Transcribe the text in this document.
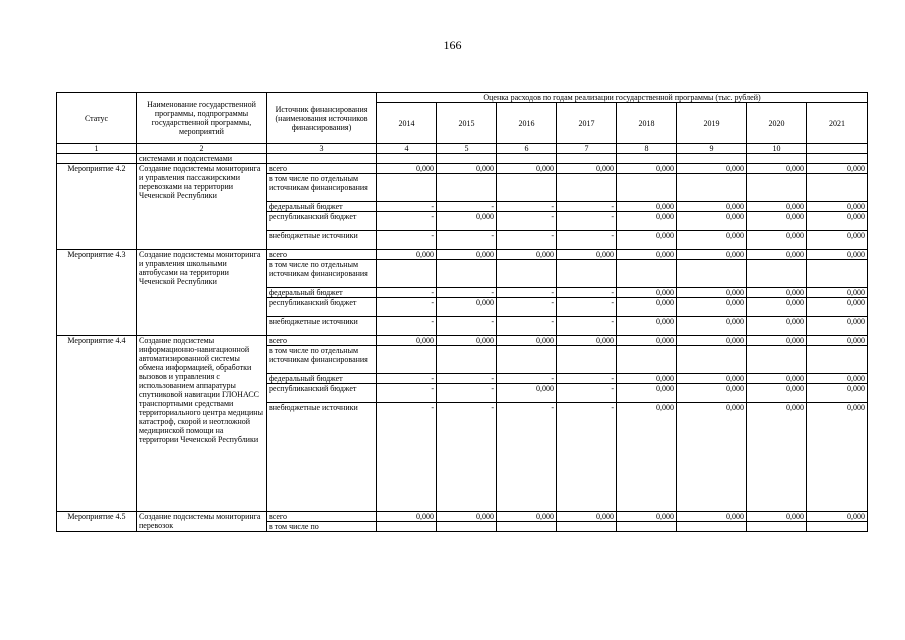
166
Статус	Наименование государственной программы, подпрограммы государственной программы, мероприятий	Источник финансирования (наименования источников финансирования)	Оценка расходов по годам реализации государственной программы (тыс. рублей)							
			2014	2015	2016	2017	2018	2019	2020	2021
1	2	3	4	5	6	7	8	9	10	
	системами и подсистемами									
Мероприятие 4.2	Создание подсистемы мониторинга и управления пассажирскими перевозками на территории Чеченской Республики	всего	0,000	0,000	0,000	0,000	0,000	0,000	0,000	0,000
		в том числе по отдельным источникам финансирования								
		федеральный бюджет	-	-	-	-	0,000	0,000	0,000	0,000
		республиканский бюджет	-	0,000	-	-	0,000	0,000	0,000	0,000
		внебюджетные источники	-	-	-	-	0,000	0,000	0,000	0,000
Мероприятие 4.3	Создание подсистемы мониторинга и управления школьными автобусами на территории Чеченской Республики	всего	0,000	0,000	0,000	0,000	0,000	0,000	0,000	0,000
		в том числе по отдельным источникам финансирования								
		федеральный бюджет	-	-	-	-	0,000	0,000	0,000	0,000
		республиканский бюджет	-	0,000	-	-	0,000	0,000	0,000	0,000
		внебюджетные источники	-	-	-	-	0,000	0,000	0,000	0,000
Мероприятие 4.4	Создание подсистемы информационно-навигационной автоматизированной системы обмена информацией, обработки вызовов и управления с использованием аппаратуры спутниковой навигации ГЛОНАСС транспортными средствами территориального центра медицины катастроф, скорой и неотложной медицинской помощи на территории Чеченской Республики	всего	0,000	0,000	0,000	0,000	0,000	0,000	0,000	0,000
		в том числе по отдельным источникам финансирования								
		федеральный бюджет	-	-	-	-	0,000	0,000	0,000	0,000
		республиканский бюджет	-	-	0,000	-	0,000	0,000	0,000	0,000
		внебюджетные источники	-	-	-	-	0,000	0,000	0,000	0,000
Мероприятие 4.5	Создание подсистемы мониторинга перевозок	всего	0,000	0,000	0,000	0,000	0,000	0,000	0,000	0,000
		в том числе по								
